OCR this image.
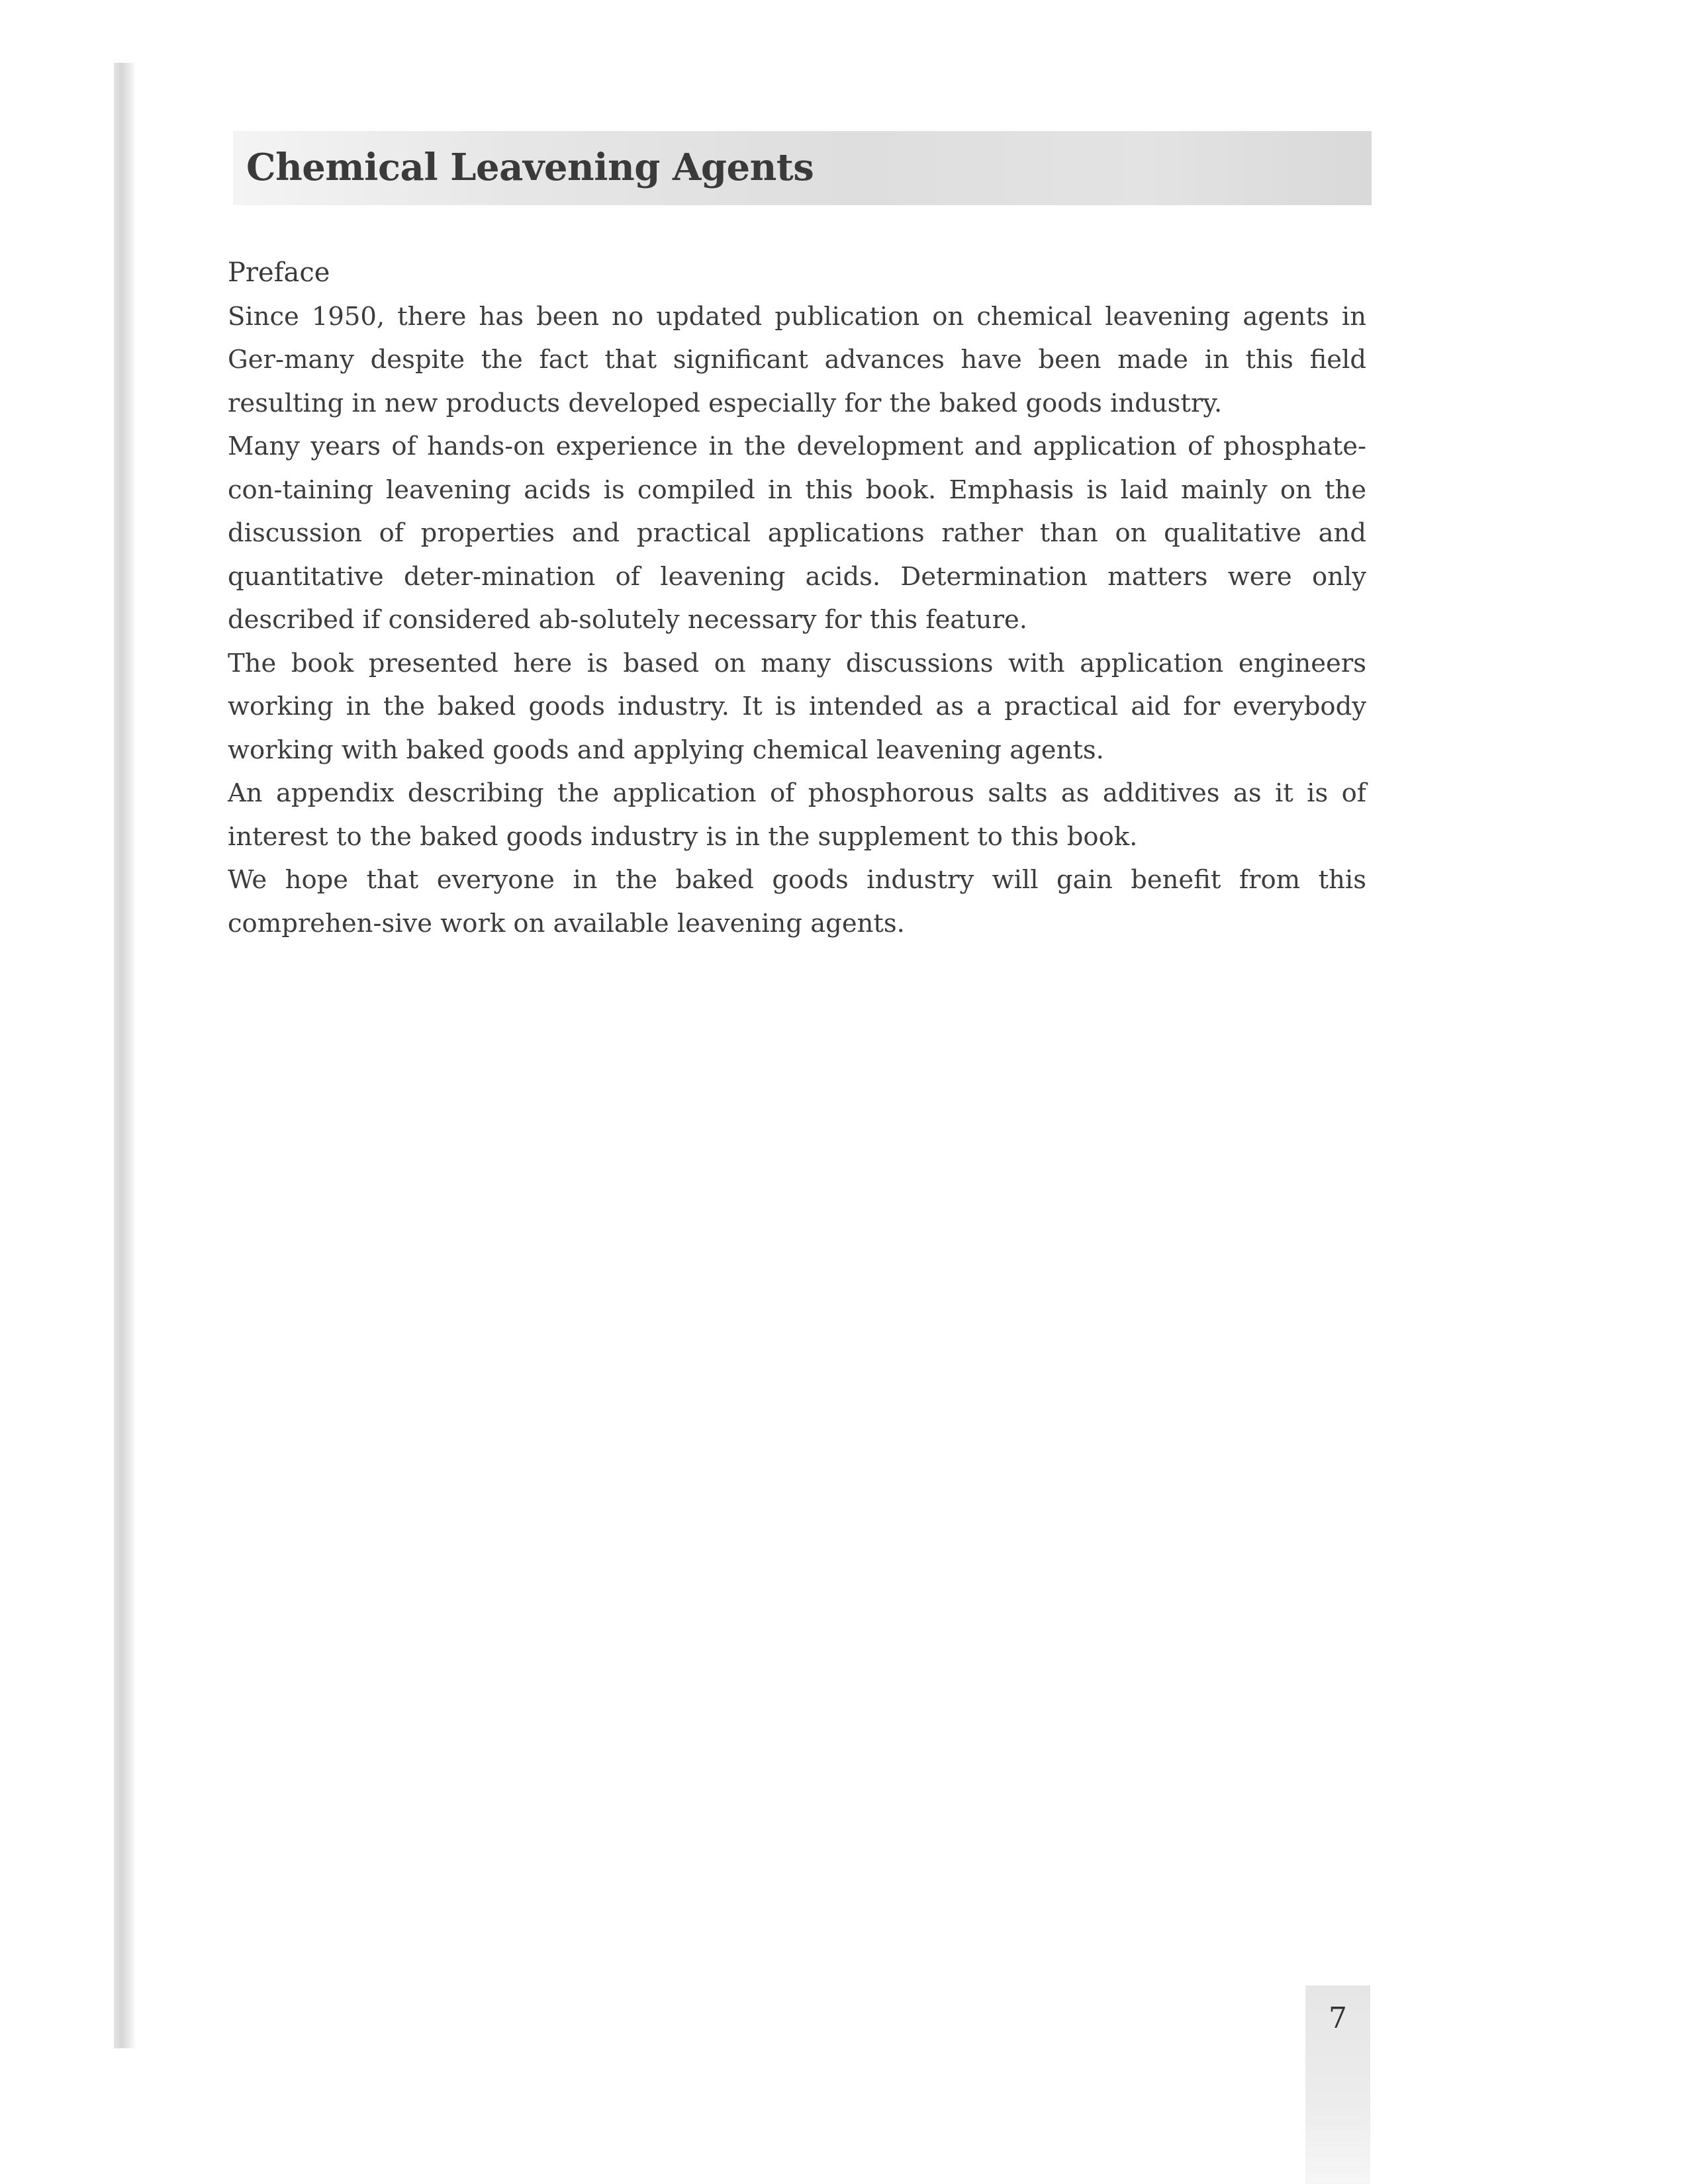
Chemical Leavening Agents
Preface

Since 1950, there has been no updated publication on chemical leavening agents in Ger-many despite the fact that significant advances have been made in this field resulting in new products developed especially for the baked goods industry.

Many years of hands-on experience in the development and application of phosphate-con-taining leavening acids is compiled in this book. Emphasis is laid mainly on the discussion of properties and practical applications rather than on qualitative and quantitative deter-mination of leavening acids. Determination matters were only described if considered ab-solutely necessary for this feature.

The book presented here is based on many discussions with application engineers working in the baked goods industry. It is intended as a practical aid for everybody working with baked goods and applying chemical leavening agents.

An appendix describing the application of phosphorous salts as additives as it is of interest to the baked goods industry is in the supplement to this book.

We hope that everyone in the baked goods industry will gain benefit from this comprehen-sive work on available leavening agents.

7
